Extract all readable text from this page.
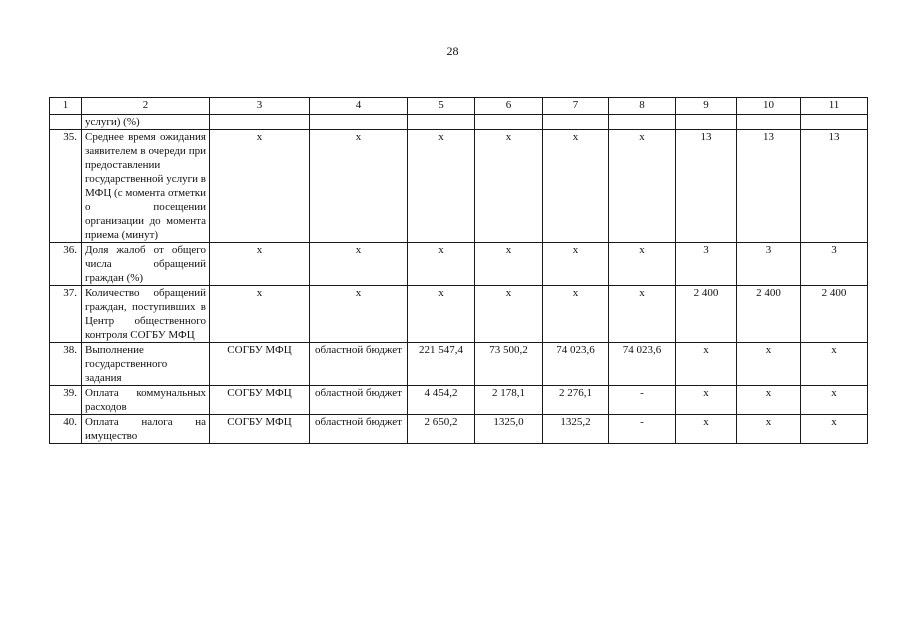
28
1	2	3	4	5	6	7	8	9	10	11
	услуги) (%)									
35.	Среднее время ожидания заявителем в очереди при предоставлении государственной услуги в МФЦ (с момента отметки о посещении организации до момента приема (минут)	x	x	x	x	x	x	13	13	13
36.	Доля жалоб от общего числа обращений граждан (%)	x	x	x	x	x	x	3	3	3
37.	Количество обращений граждан, поступивших в Центр общественного контроля СОГБУ МФЦ	x	x	x	x	x	x	2 400	2 400	2 400
38.	Выполнение государственного задания	СОГБУ МФЦ	областной бюджет	221 547,4	73 500,2	74 023,6	74 023,6	x	x	x
39.	Оплата коммунальных расходов	СОГБУ МФЦ	областной бюджет	4 454,2	2 178,1	2 276,1	-	x	x	x
40.	Оплата налога на имущество	СОГБУ МФЦ	областной бюджет	2 650,2	1325,0	1325,2	-	x	x	x
